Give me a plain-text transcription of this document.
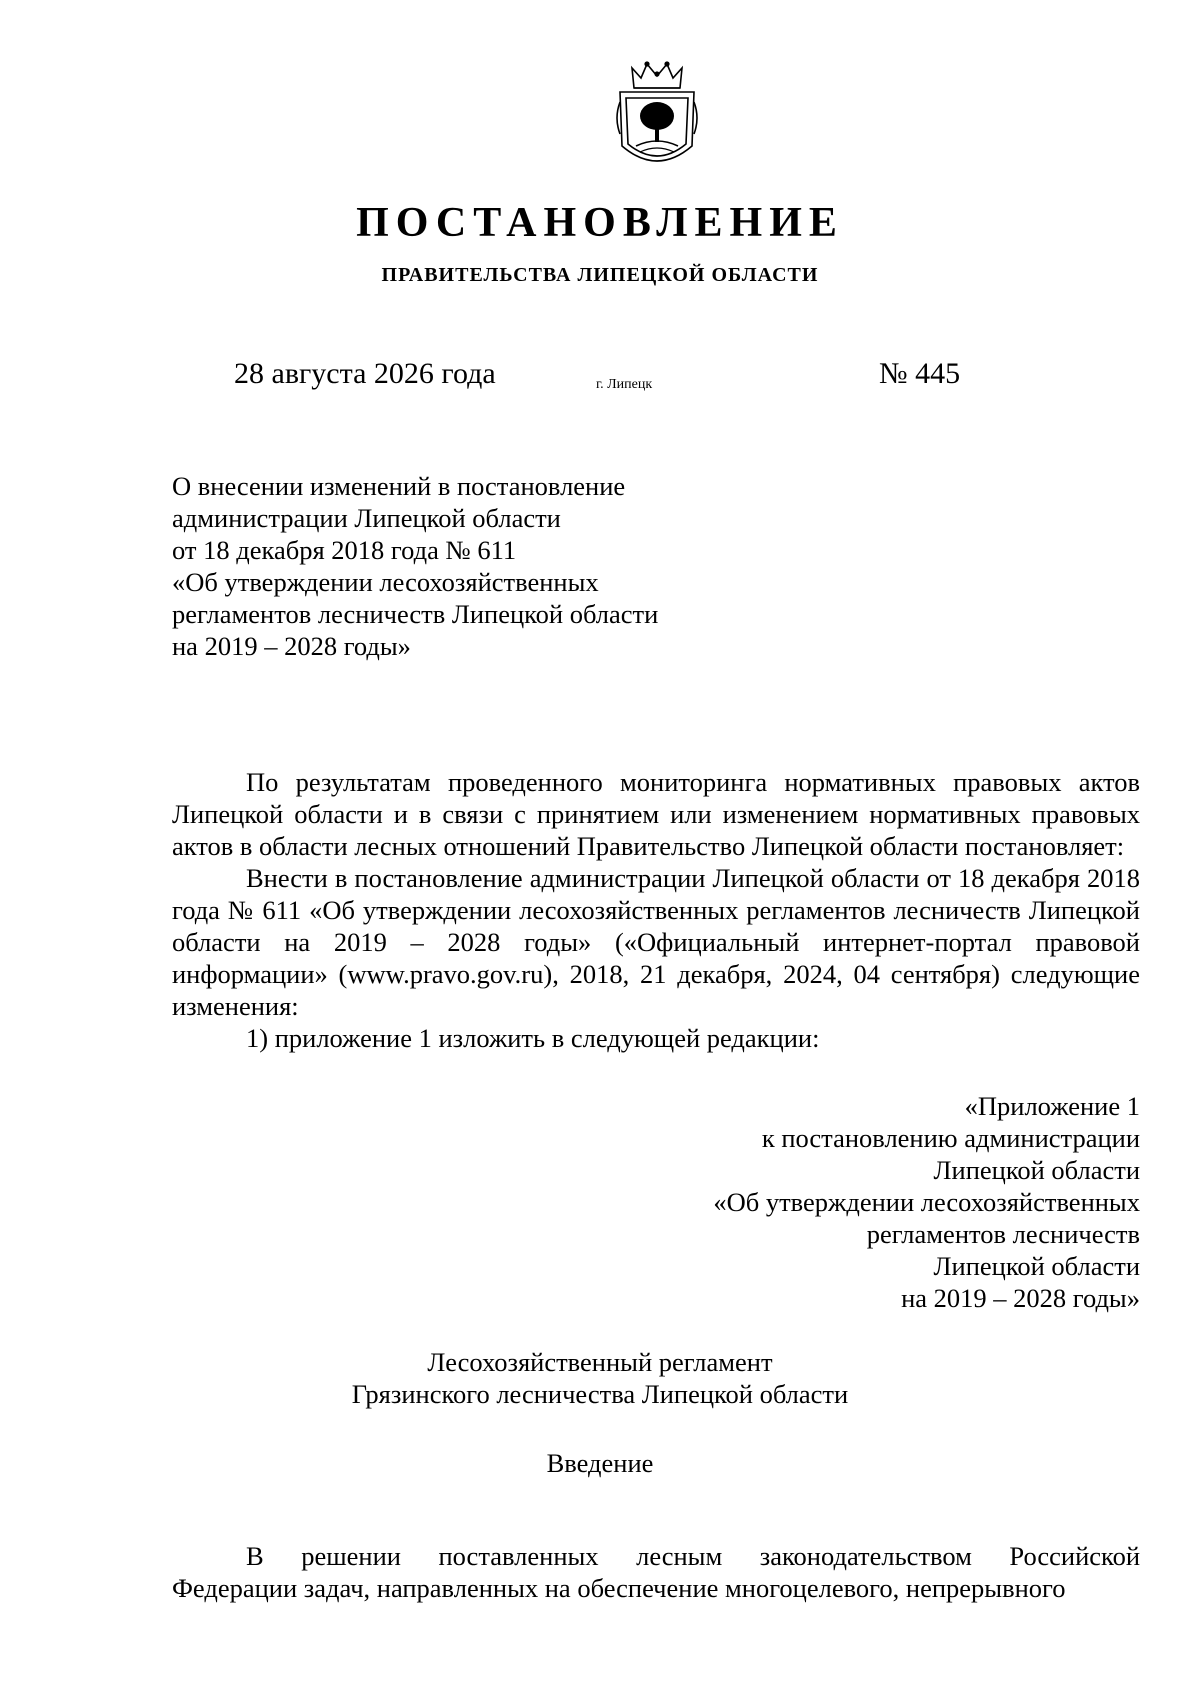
ПОСТАНОВЛЕНИЕ
ПРАВИТЕЛЬСТВА ЛИПЕЦКОЙ ОБЛАСТИ
28 августа 2026 года	г. Липецк	№ 445
О внесении изменений в постановление
администрации Липецкой области
от 18 декабря 2018 года № 611
«Об утверждении лесохозяйственных
регламентов лесничеств Липецкой области
на 2019 – 2028 годы»

По результатам проведенного мониторинга нормативных правовых актов Липецкой области и в связи с принятием или изменением нормативных правовых актов в области лесных отношений Правительство Липецкой области постановляет:

Внести в постановление администрации Липецкой области от 18 декабря 2018 года № 611 «Об утверждении лесохозяйственных регламентов лесничеств Липецкой области на 2019 – 2028 годы» («Официальный интернет-портал правовой информации» (www.pravo.gov.ru), 2018, 21 декабря, 2024, 04 сентября) следующие изменения:

1) приложение 1 изложить в следующей редакции:

«Приложение 1
к постановлению администрации
Липецкой области
«Об утверждении лесохозяйственных
регламентов лесничеств
Липецкой области
на 2019 – 2028 годы»
Лесохозяйственный регламент
Грязинского лесничества Липецкой области
Введение

В решении поставленных лесным законодательством Российской

Федерации задач, направленных на обеспечение многоцелевого, непрерывного
